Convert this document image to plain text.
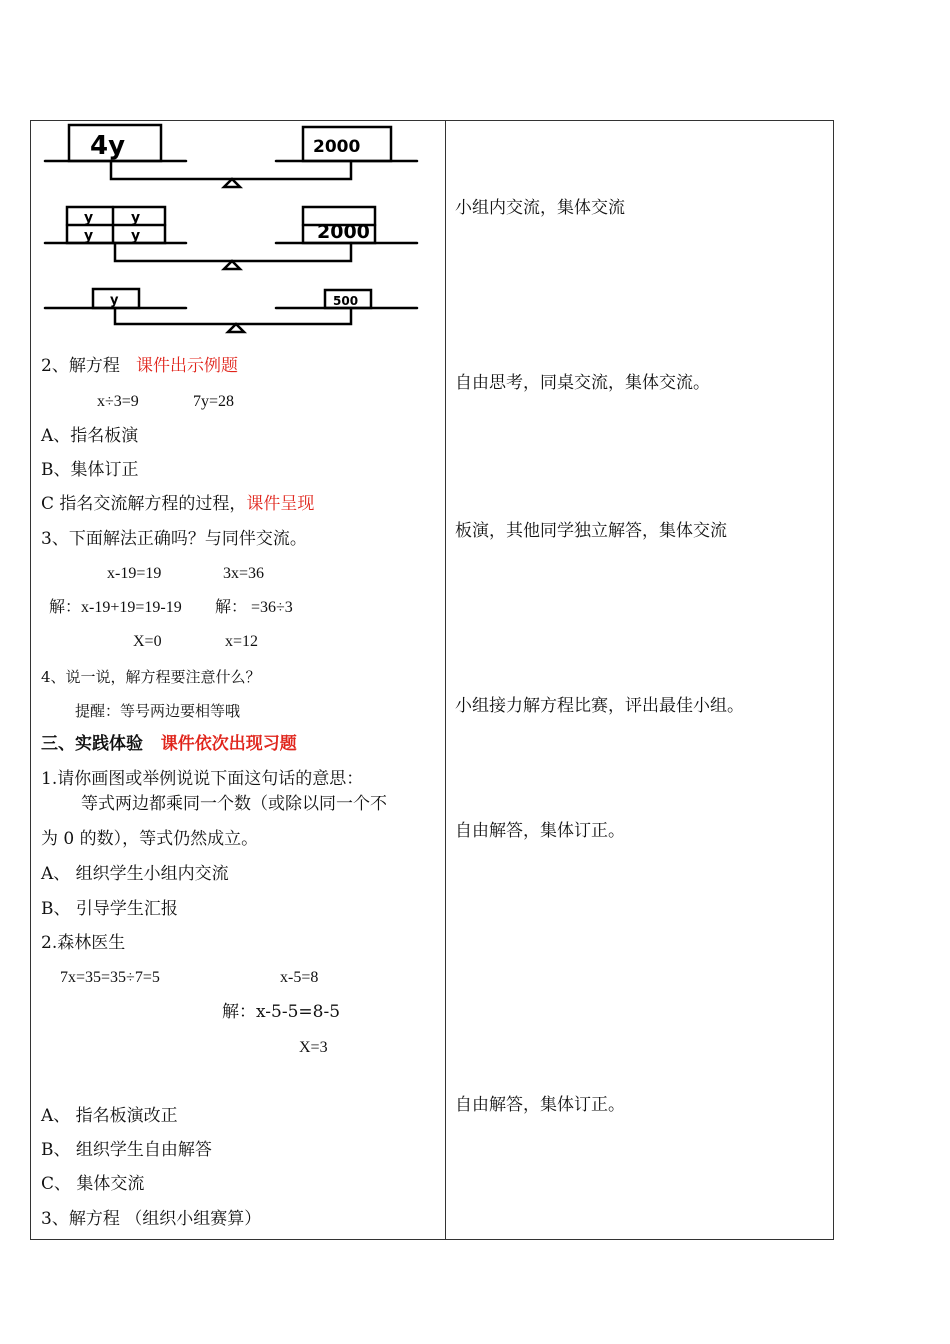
4y	2000
y	y
y	y	2000
y	500
2、解方程 课件出示例题
x÷3=9	7y=28
A、指名板演
B、集体订正
C 指名交流解方程的过程，课件呈现
3、下面解法正确吗？与同伴交流。
x-19=19	3x=36
解：x-19+19=19-19 解： =36÷3
X=0	x=12
4、说一说，解方程要注意什么？
提醒：等号两边要相等哦
三、实践体验 课件依次出现习题
1.请你画图或举例说说下面这句话的意思：
等式两边都乘同一个数（或除以同一个不
为 0 的数），等式仍然成立。
A、 组织学生小组内交流
B、 引导学生汇报
2.森林医生
7x=35=35÷7=5	x-5=8
解：x-5-5=8-5
X=3
A、 指名板演改正
B、 组织学生自由解答
C、 集体交流
3、解方程 （组织小组赛算）
小组内交流，集体交流
自由思考，同桌交流，集体交流。
板演，其他同学独立解答，集体交流
小组接力解方程比赛，评出最佳小组。
自由解答，集体订正。
自由解答，集体订正。
